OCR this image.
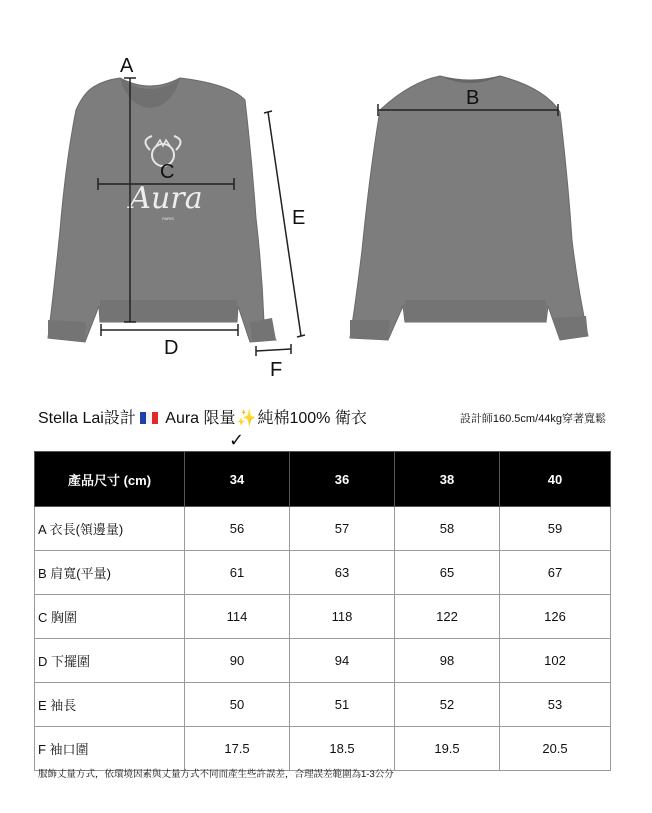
Aura
PARIS
A
B
C
D
E
F
Stella Lai設計 Aura 限量✨純棉100% 衛衣	設計師160.5cm/44kg穿著寬鬆
✓
產品尺寸 (cm)	34	36	38	40
A 衣長(領邊量)	56	57	58	59
B 肩寬(平量)	61	63	65	67
C 胸圍	114	118	122	126
D 下擺圍	90	94	98	102
E 袖長	50	51	52	53
F 袖口圍	17.5	18.5	19.5	20.5
服飾丈量方式，依環境因素與丈量方式不同而產生些許誤差，合理誤差範圍為1-3公分
